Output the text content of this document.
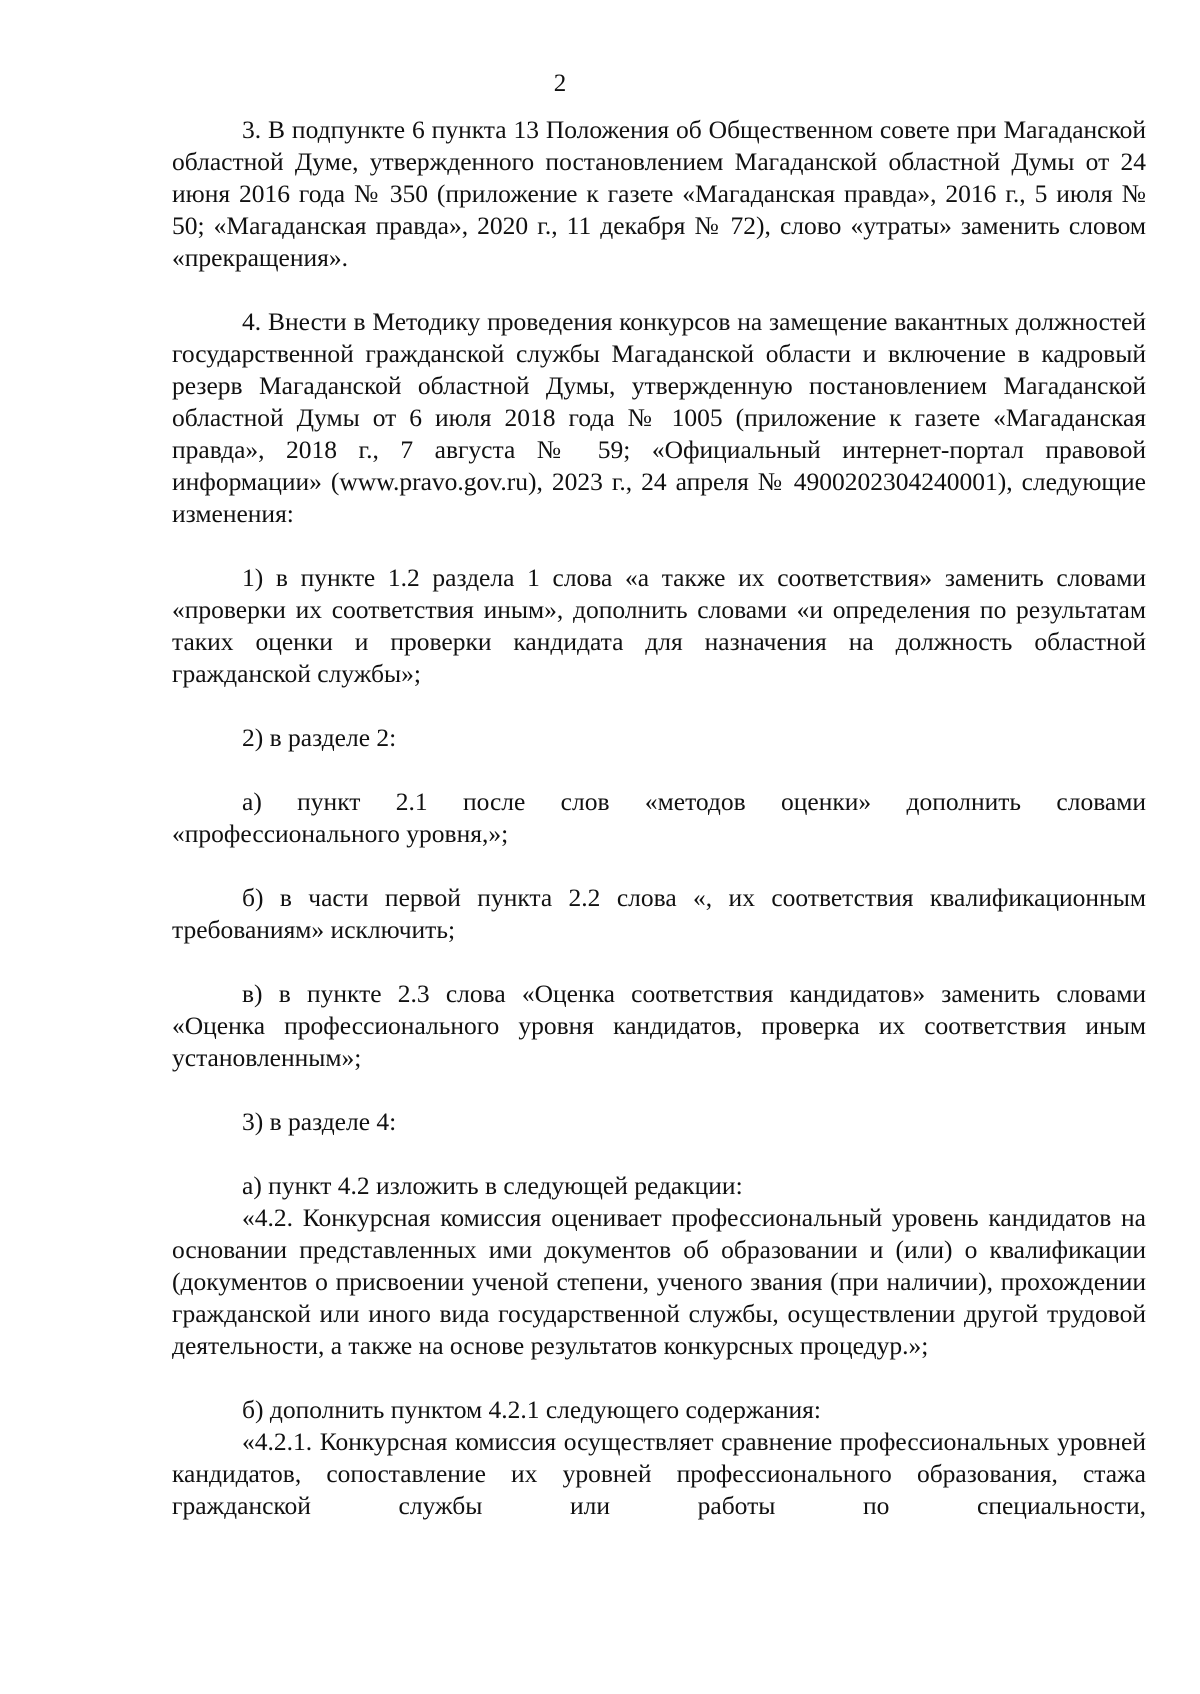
2

3. В подпункте 6 пункта 13 Положения об Общественном совете при Магаданской областной Думе, утвержденного постановлением Магаданской областной Думы от 24 июня 2016 года № 350 (приложение к газете «Магаданская правда», 2016 г., 5 июля № 50; «Магаданская правда», 2020 г., 11 декабря № 72), слово «утраты» заменить словом «прекращения».

4. Внести в Методику проведения конкурсов на замещение вакантных должностей государственной гражданской службы Магаданской области и включение в кадровый резерв Магаданской областной Думы, утвержденную постановлением Магаданской областной Думы от 6 июля 2018 года № 1005 (приложение к газете «Магаданская правда», 2018 г., 7 августа № 59; «Официальный интернет-портал правовой информации» (www.pravo.gov.ru), 2023 г., 24 апреля № 4900202304240001), следующие изменения:

1) в пункте 1.2 раздела 1 слова «а также их соответствия» заменить словами «проверки их соответствия иным», дополнить словами «и определения по результатам таких оценки и проверки кандидата для назначения на должность областной гражданской службы»;

2) в разделе 2:

а) пункт 2.1 после слов «методов оценки» дополнить словами «профессионального уровня,»;

б) в части первой пункта 2.2 слова «, их соответствия квалификационным требованиям» исключить;

в) в пункте 2.3 слова «Оценка соответствия кандидатов» заменить словами «Оценка профессионального уровня кандидатов, проверка их соответствия иным установленным»;

3) в разделе 4:

а) пункт 4.2 изложить в следующей редакции:

«4.2. Конкурсная комиссия оценивает профессиональный уровень кандидатов на основании представленных ими документов об образовании и (или) о квалификации (документов о присвоении ученой степени, ученого звания (при наличии), прохождении гражданской или иного вида государственной службы, осуществлении другой трудовой деятельности, а также на основе результатов конкурсных процедур.»;

б) дополнить пунктом 4.2.1 следующего содержания:

«4.2.1. Конкурсная комиссия осуществляет сравнение профессиональных уровней кандидатов, сопоставление их уровней профессионального образования, стажа гражданской службы или работы по специальности,
